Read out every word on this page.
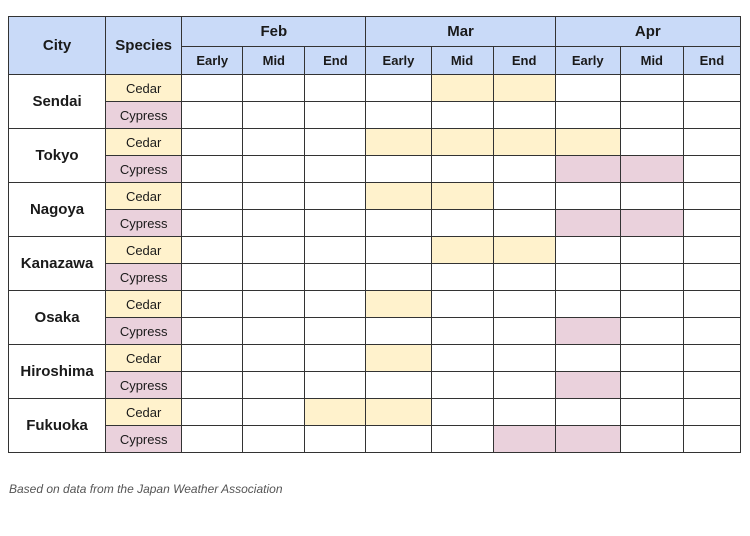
City	Species	Feb			Mar			Apr		
		Early	Mid	End	Early	Mid	End	Early	Mid	End
Sendai	Cedar									
	Cypress									
Tokyo	Cedar									
	Cypress									
Nagoya	Cedar									
	Cypress									
Kanazawa	Cedar									
	Cypress									
Osaka	Cedar									
	Cypress									
Hiroshima	Cedar									
	Cypress									
Fukuoka	Cedar									
	Cypress									
Based on data from the Japan Weather Association
